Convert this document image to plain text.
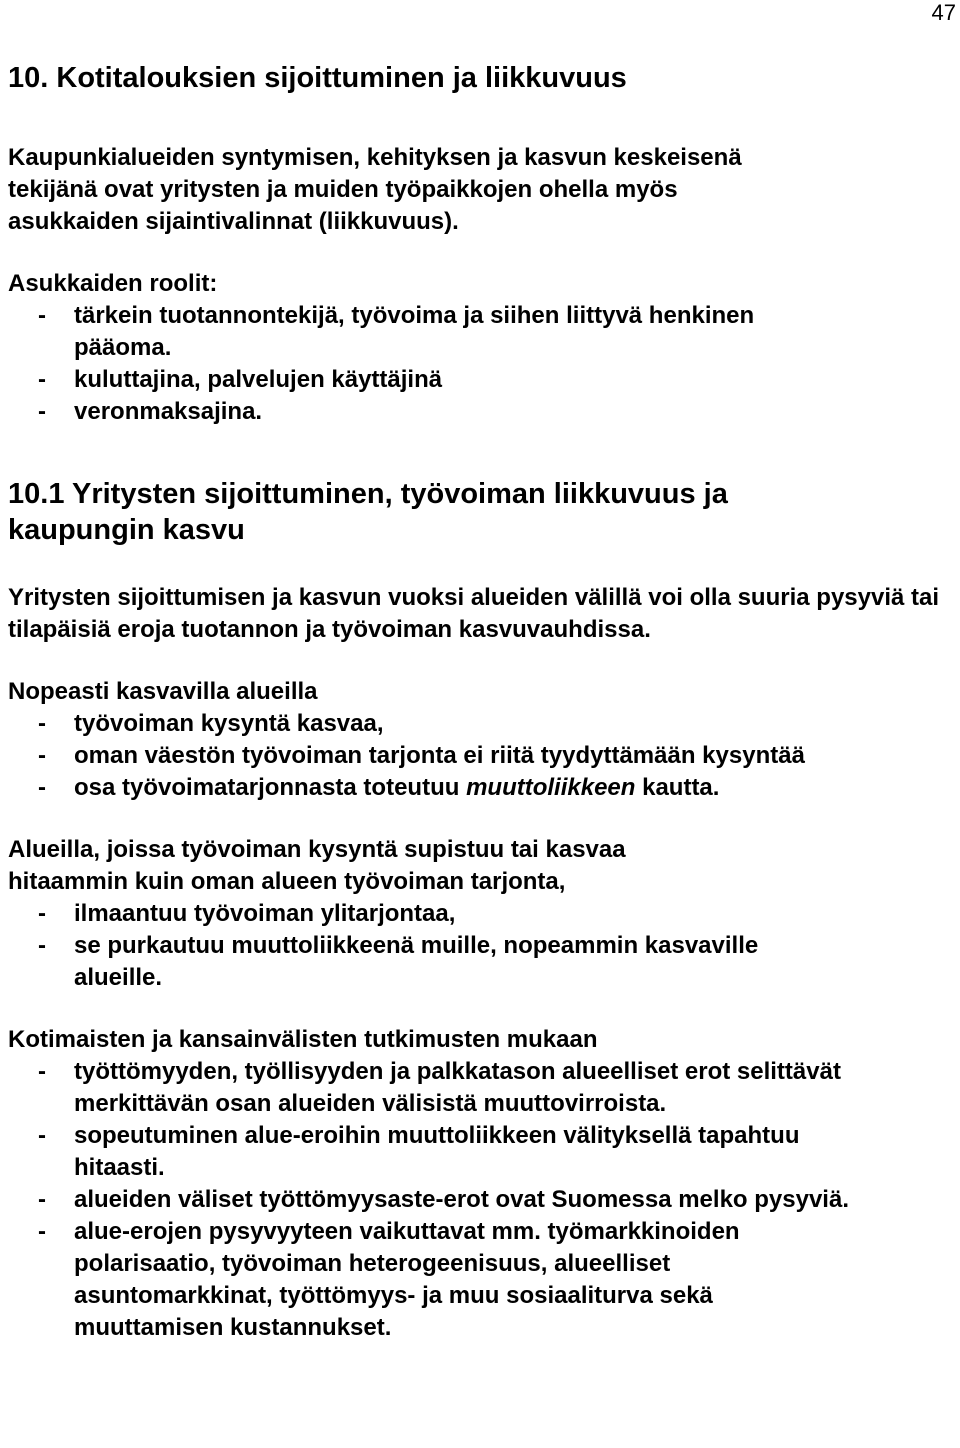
47
10. Kotitalouksien sijoittuminen ja liikkuvuus

Kaupunkialueiden syntymisen, kehityksen ja kasvun keskeisenä tekijänä ovat yritysten ja muiden työpaikkojen ohella myös asukkaiden sijaintivalinnat (liikkuvuus).

Asukkaiden roolit:

- tärkein tuotannontekijä, työvoima ja siihen liittyvä henkinen pääoma.
- kuluttajina, palvelujen käyttäjinä
- veronmaksajina.
10.1 Yritysten sijoittuminen, työvoiman liikkuvuus ja kaupungin kasvu

Yritysten sijoittumisen ja kasvun vuoksi alueiden välillä voi olla suuria pysyviä tai tilapäisiä eroja tuotannon ja työvoiman kasvuvauhdissa.

Nopeasti kasvavilla alueilla

- työvoiman kysyntä kasvaa,
- oman väestön työvoiman tarjonta ei riitä tyydyttämään kysyntää
- osa työvoimatarjonnasta toteutuu muuttoliikkeen kautta.

Alueilla, joissa työvoiman kysyntä supistuu tai kasvaa hitaammin kuin oman alueen työvoiman tarjonta,

- ilmaantuu työvoiman ylitarjontaa,
- se purkautuu muuttoliikkeenä muille, nopeammin kasvaville alueille.

Kotimaisten ja kansainvälisten tutkimusten mukaan

- työttömyyden, työllisyyden ja palkkatason alueelliset erot selittävät merkittävän osan alueiden välisistä muuttovirroista.
- sopeutuminen alue-eroihin muuttoliikkeen välityksellä tapahtuu hitaasti.
- alueiden väliset työttömyysaste-erot ovat Suomessa melko pysyviä.
- alue-erojen pysyvyyteen vaikuttavat mm. työmarkkinoiden polarisaatio, työvoiman heterogeenisuus, alueelliset asuntomarkkinat, työttömyys- ja muu sosiaaliturva sekä muuttamisen kustannukset.
